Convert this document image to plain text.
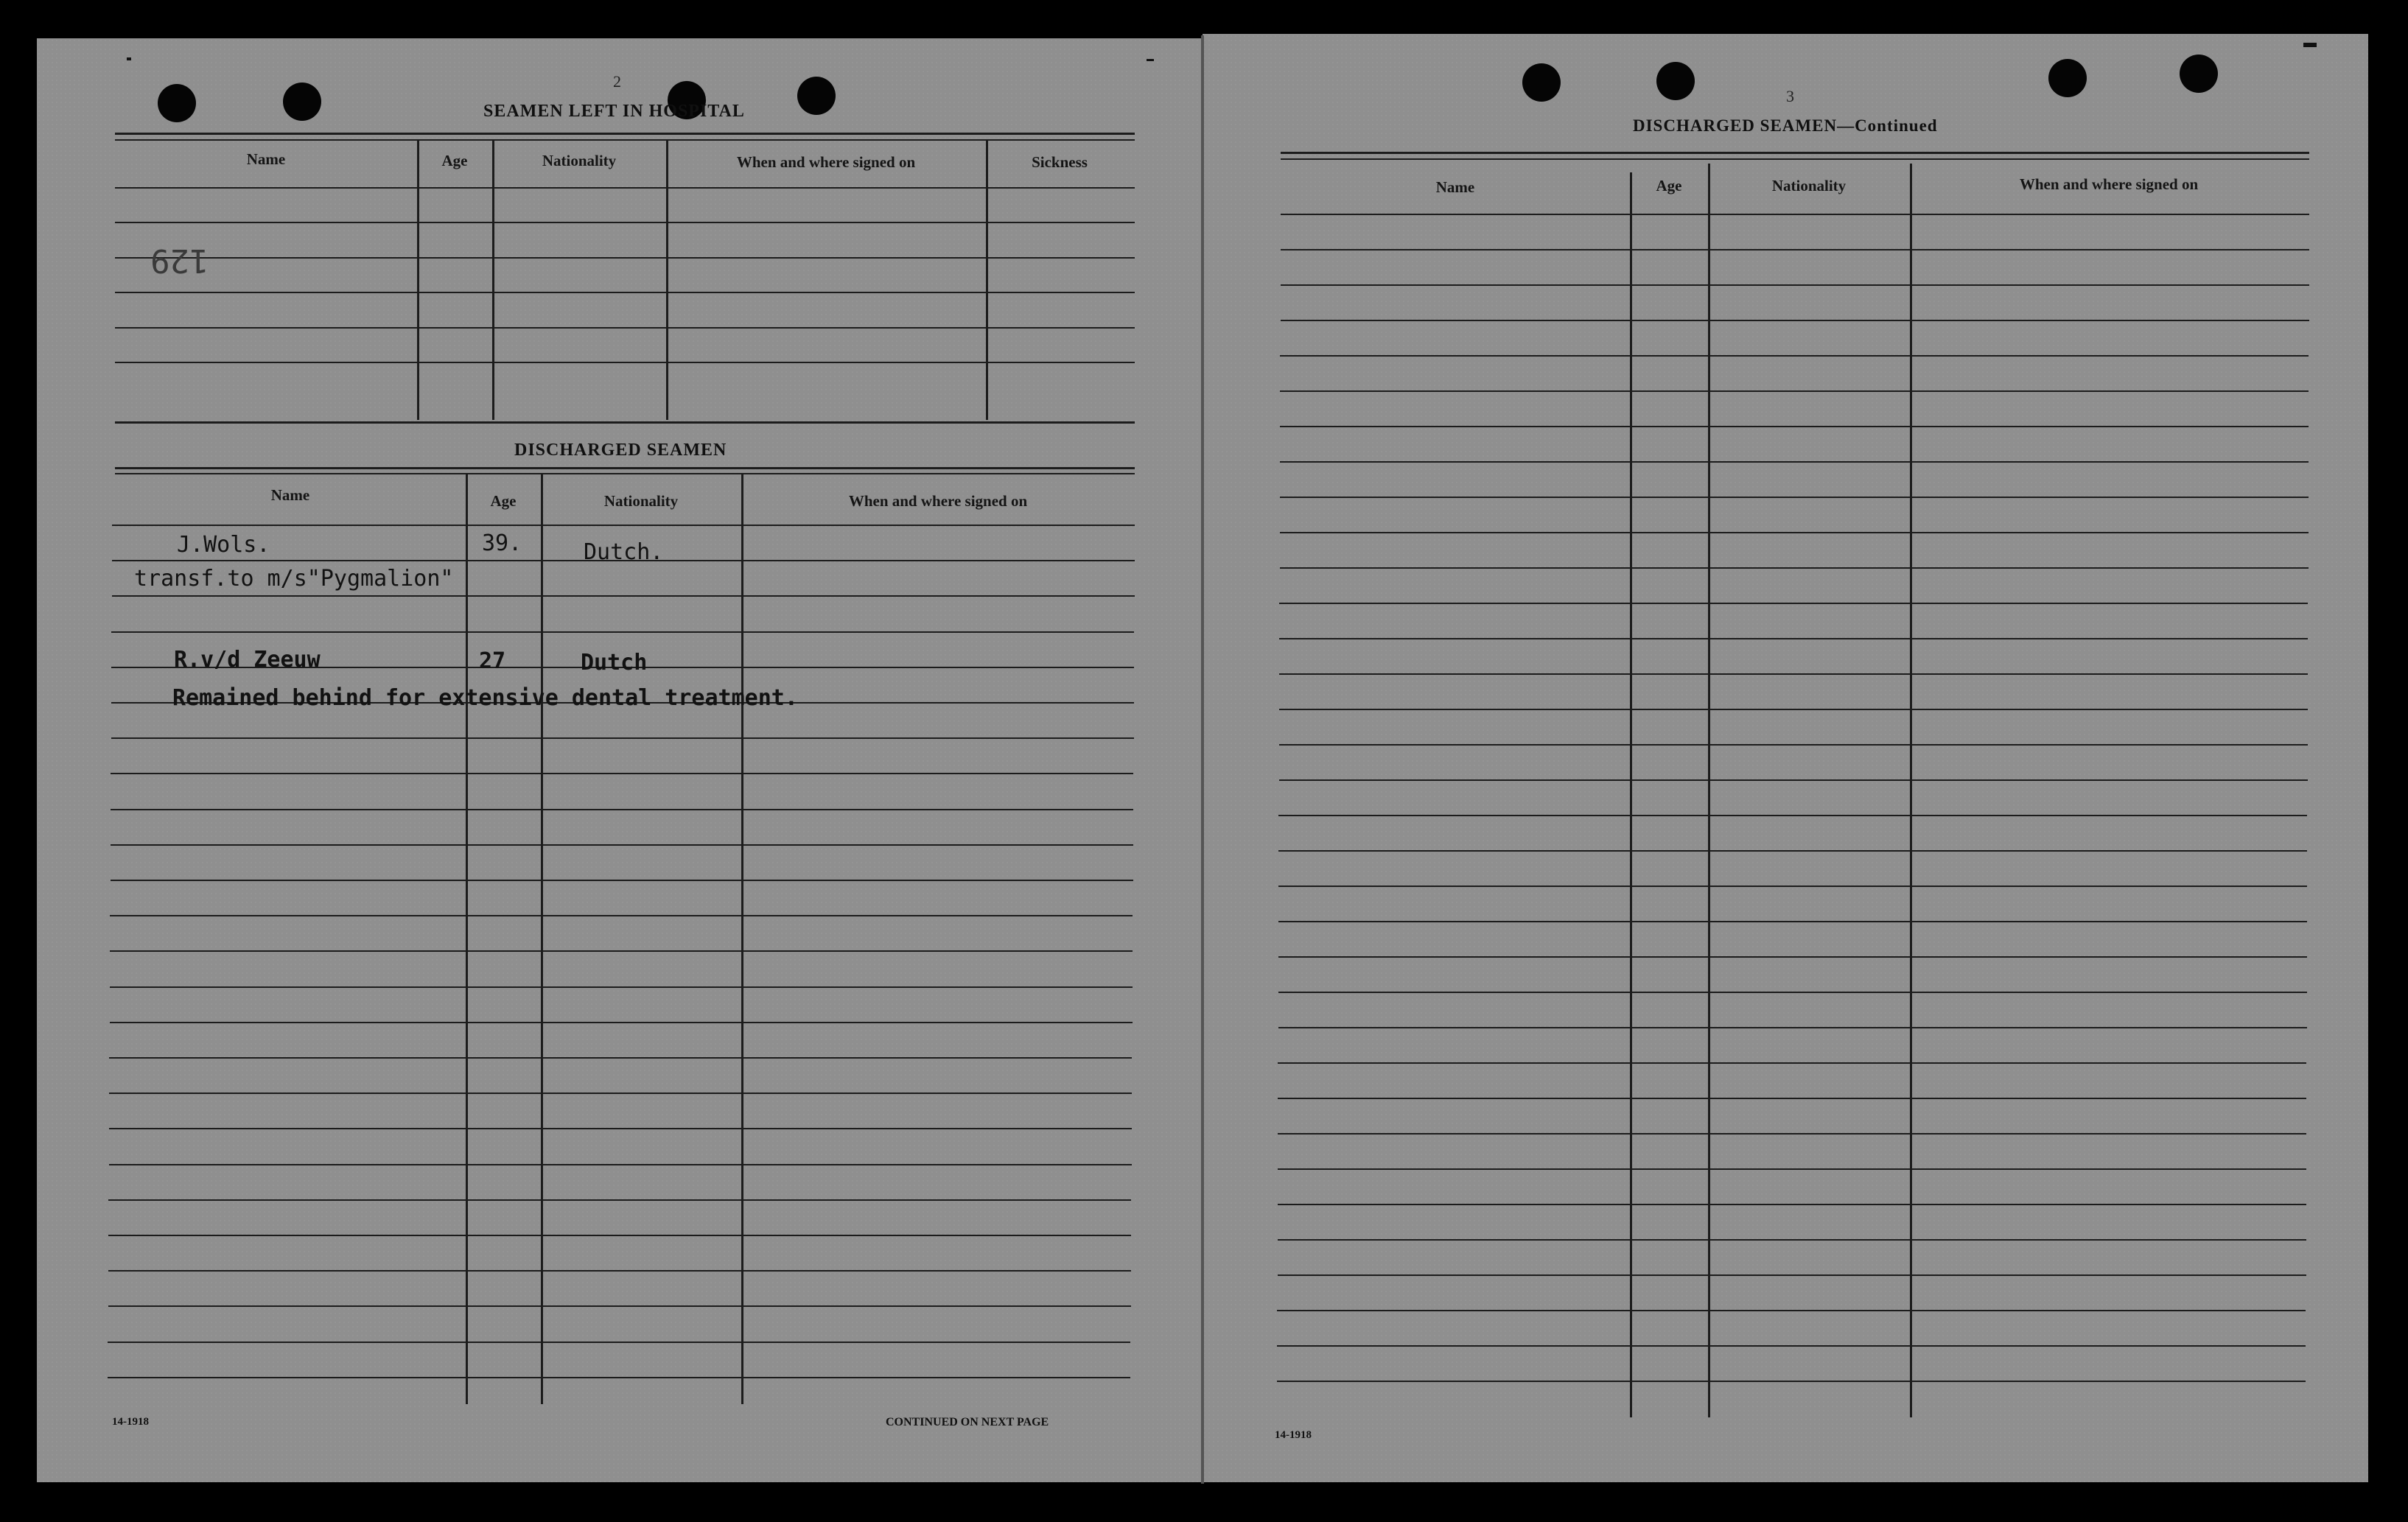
2
SEAMEN LEFT IN HOSPITAL
Name	Age	Nationality	When and where signed on	Sickness
129
DISCHARGED SEAMEN
Name	Age	Nationality	When and where signed on
J.Wols.	39.	Dutch.
transf.to m/s"Pygmalion"
R.v/d Zeeuw	27	Dutch
Remained behind for extensive dental treatment.
14-1918	CONTINUED ON NEXT PAGE
3
DISCHARGED SEAMEN—Continued
Name	Age	Nationality	When and where signed on
14-1918
